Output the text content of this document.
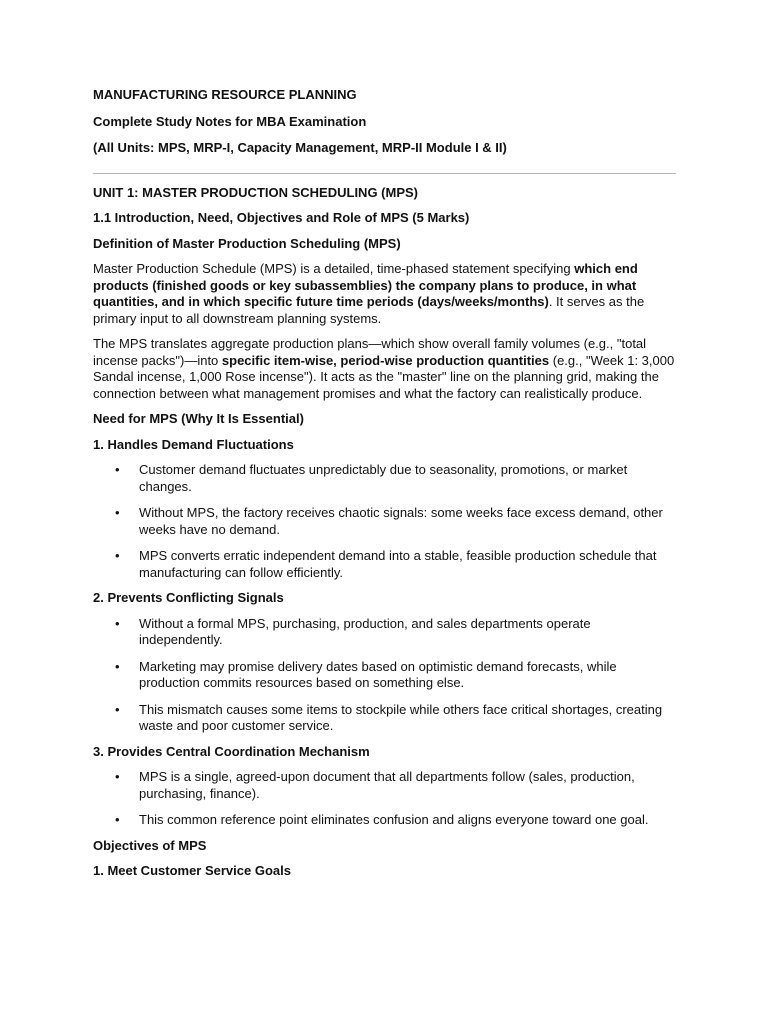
MANUFACTURING RESOURCE PLANNING

Complete Study Notes for MBA Examination

(All Units: MPS, MRP-I, Capacity Management, MRP-II Module I & II)

UNIT 1: MASTER PRODUCTION SCHEDULING (MPS)

1.1 Introduction, Need, Objectives and Role of MPS (5 Marks)

Definition of Master Production Scheduling (MPS)

Master Production Schedule (MPS) is a detailed, time-phased statement specifying which end products (finished goods or key subassemblies) the company plans to produce, in what quantities, and in which specific future time periods (days/weeks/months). It serves as the primary input to all downstream planning systems.

The MPS translates aggregate production plans—which show overall family volumes (e.g., "total incense packs")—into specific item-wise, period-wise production quantities (e.g., "Week 1: 3,000 Sandal incense, 1,000 Rose incense"). It acts as the "master" line on the planning grid, making the connection between what management promises and what the factory can realistically produce.

Need for MPS (Why It Is Essential)

1. Handles Demand Fluctuations

• Customer demand fluctuates unpredictably due to seasonality, promotions, or market changes.
• Without MPS, the factory receives chaotic signals: some weeks face excess demand, other weeks have no demand.
• MPS converts erratic independent demand into a stable, feasible production schedule that manufacturing can follow efficiently.

2. Prevents Conflicting Signals

• Without a formal MPS, purchasing, production, and sales departments operate independently.
• Marketing may promise delivery dates based on optimistic demand forecasts, while production commits resources based on something else.
• This mismatch causes some items to stockpile while others face critical shortages, creating waste and poor customer service.

3. Provides Central Coordination Mechanism

• MPS is a single, agreed-upon document that all departments follow (sales, production, purchasing, finance).
• This common reference point eliminates confusion and aligns everyone toward one goal.

Objectives of MPS

1. Meet Customer Service Goals
